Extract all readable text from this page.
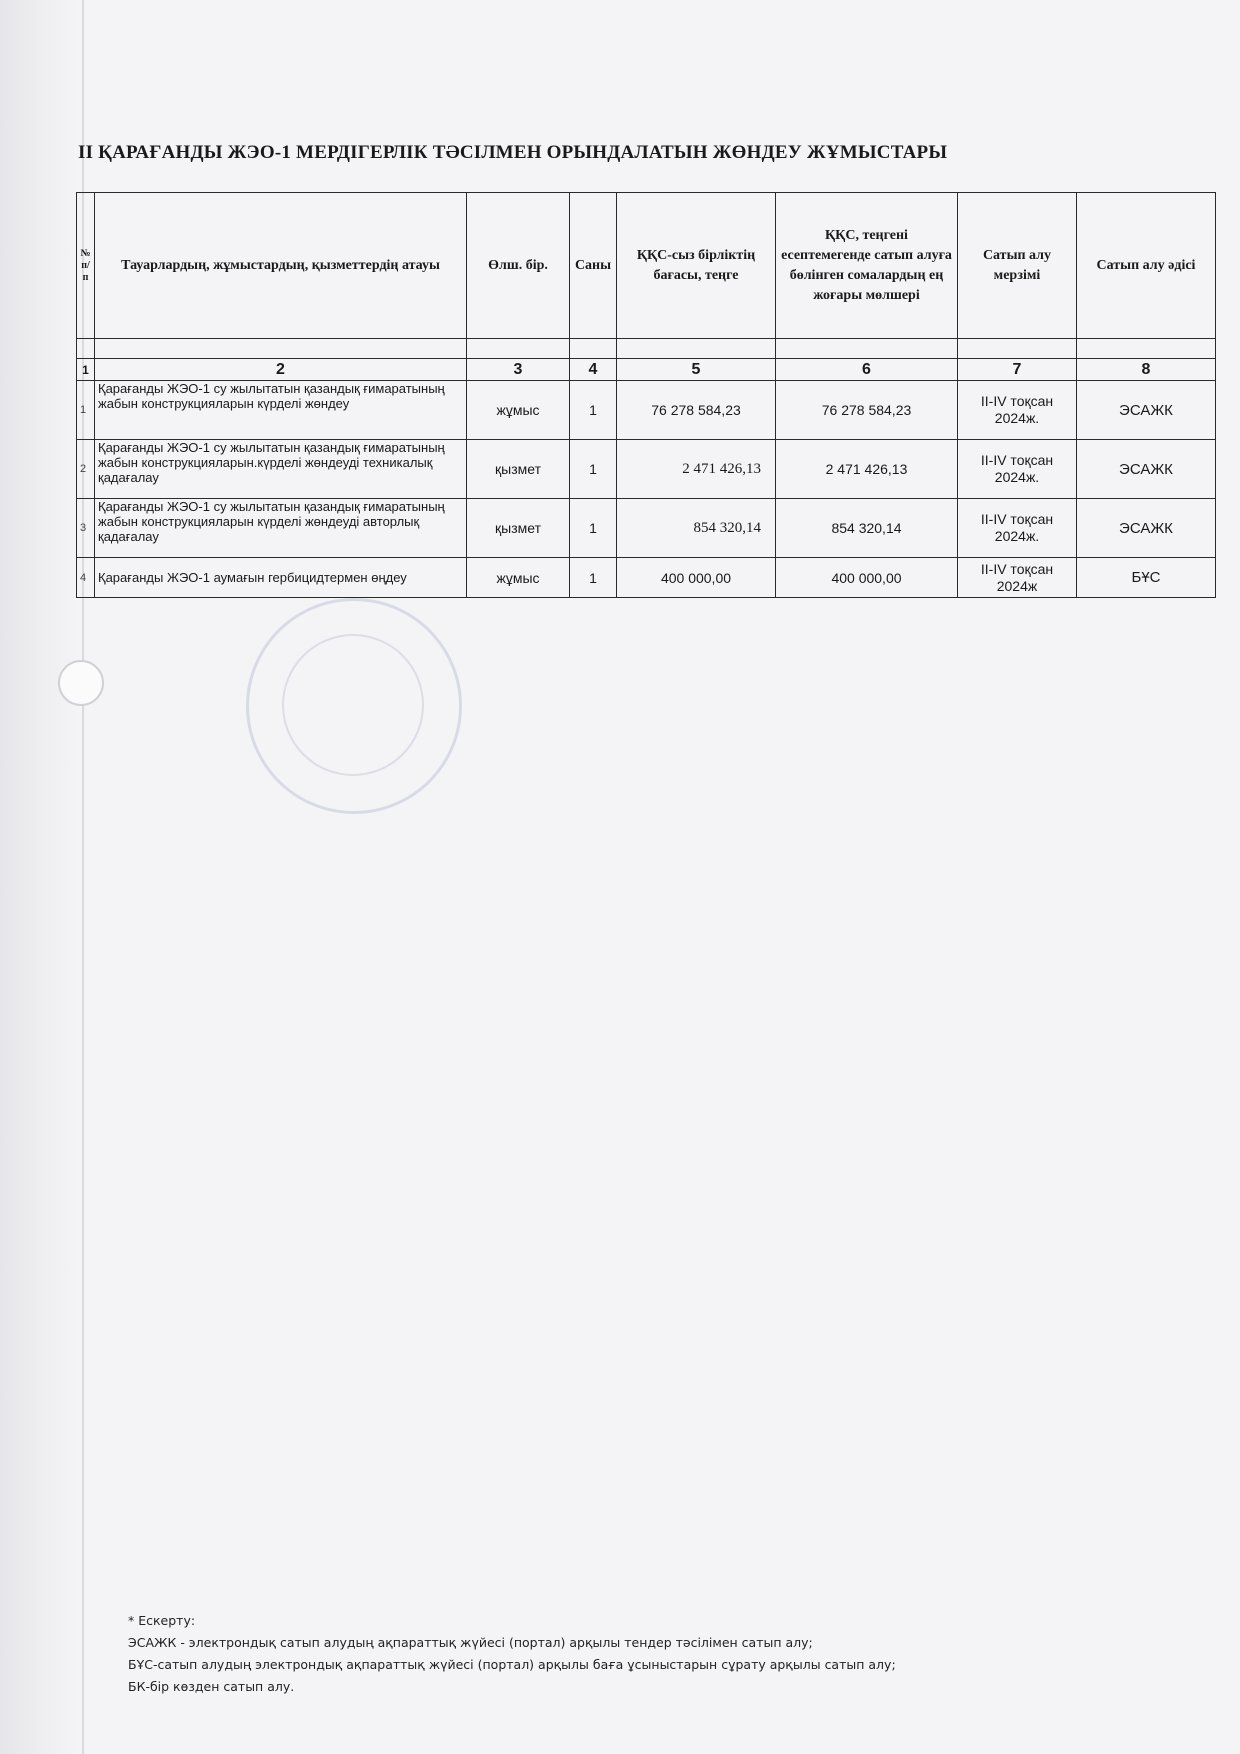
II ҚАРАҒАНДЫ ЖЭО-1 МЕРДІГЕРЛІК ТӘСІЛМЕН ОРЫНДАЛАТЫН ЖӨНДЕУ ЖҰМЫСТАРЫ
№ п/п	Тауарлардың, жұмыстардың, қызметтердің атауы	Өлш. бір.	Саны	ҚҚС-сыз бірліктің бағасы, теңге	ҚҚС, теңгені есептемегенде сатып алуға бөлінген сомалардың ең жоғары мөлшері	Сатып алу мерзімі	Сатып алу әдісі

1	2	3	4	5	6	7	8
1	Қарағанды ЖЭО-1 су жылытатын қазандық ғимаратының жабын конструкцияларын күрделі жөндеу	жұмыс	1	76 278 584,23	76 278 584,23	II-IV тоқсан 2024ж.	ЭСАЖК
2	Қарағанды ЖЭО-1 су жылытатын қазандық ғимаратының жабын конструкцияларын.күрделі жөндеуді техникалық қадағалау	қызмет	1	2 471 426,13	2 471 426,13	II-IV тоқсан 2024ж.	ЭСАЖК
3	Қарағанды ЖЭО-1 су жылытатын қазандық ғимаратының жабын конструкцияларын күрделі жөндеуді авторлық қадағалау	қызмет	1	854 320,14	854 320,14	II-IV тоқсан 2024ж.	ЭСАЖК
4	Қарағанды ЖЭО-1 аумағын гербицидтермен өңдеу	жұмыс	1	400 000,00	400 000,00	II-IV тоқсан 2024ж	БҰС
* Ескерту:
ЭСАЖК - электрондық сатып алудың ақпараттық жүйесі (портал) арқылы тендер тәсілімен сатып алу;
БҰС-сатып алудың электрондық ақпараттық жүйесі (портал) арқылы баға ұсыныстарын сұрату арқылы сатып алу;
БК-бір көзден сатып алу.
